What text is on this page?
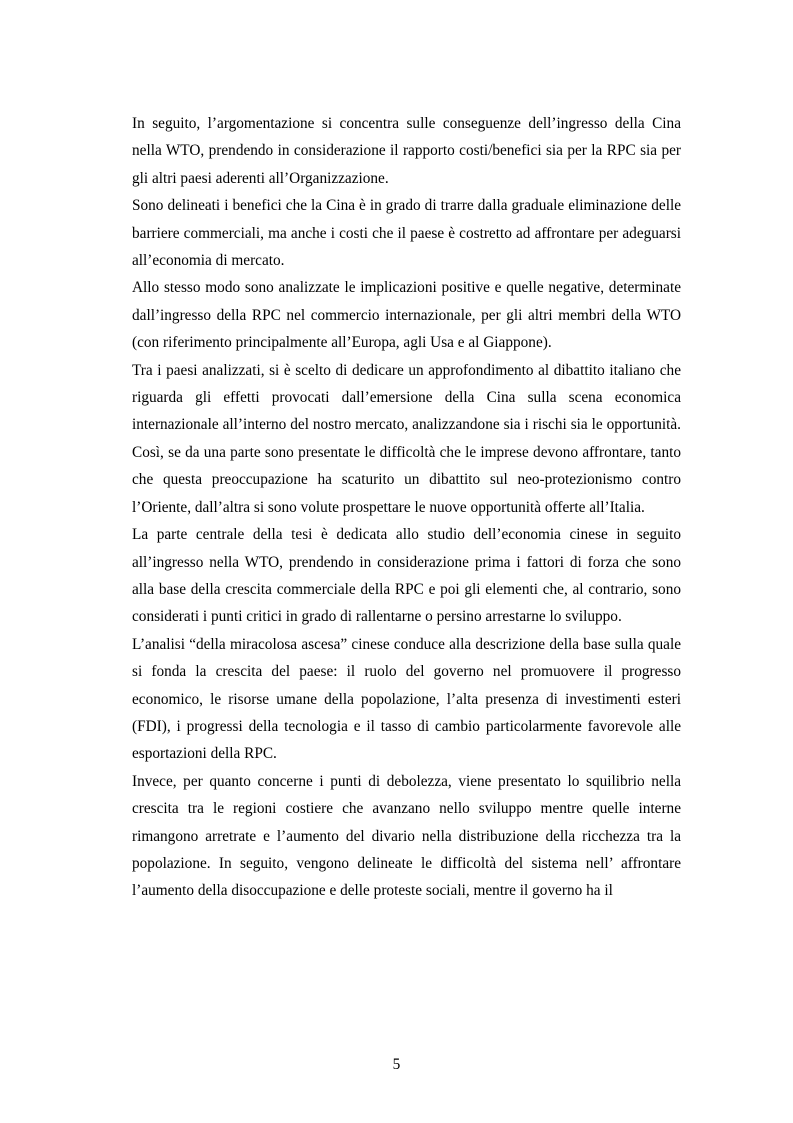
In seguito, l’argomentazione si concentra sulle conseguenze dell’ingresso della Cina nella WTO, prendendo in considerazione il rapporto costi/benefici sia per la RPC sia per gli altri paesi aderenti all’Organizzazione.

Sono delineati i benefici che la Cina è in grado di trarre dalla graduale eliminazione delle barriere commerciali, ma anche i costi che il paese è costretto ad affrontare per adeguarsi all’economia di mercato.

Allo stesso modo sono analizzate le implicazioni positive e quelle negative, determinate dall’ingresso della RPC nel commercio internazionale, per gli altri membri della WTO (con riferimento principalmente all’Europa, agli Usa e al Giappone).

Tra i paesi analizzati, si è scelto di dedicare un approfondimento al dibattito italiano che riguarda gli effetti provocati dall’emersione della Cina sulla scena economica internazionale all’interno del nostro mercato, analizzandone sia i rischi sia le opportunità. Così, se da una parte sono presentate le difficoltà che le imprese devono affrontare, tanto che questa preoccupazione ha scaturito un dibattito sul neo-protezionismo contro l’Oriente, dall’altra si sono volute prospettare le nuove opportunità offerte all’Italia.

La parte centrale della tesi è dedicata allo studio dell’economia cinese in seguito all’ingresso nella WTO, prendendo in considerazione prima i fattori di forza che sono alla base della crescita commerciale della RPC e poi gli elementi che, al contrario, sono considerati i punti critici in grado di rallentarne o persino arrestarne lo sviluppo.

L’analisi “della miracolosa ascesa” cinese conduce alla descrizione della base sulla quale si fonda la crescita del paese: il ruolo del governo nel promuovere il progresso economico, le risorse umane della popolazione, l’alta presenza di investimenti esteri (FDI), i progressi della tecnologia e il tasso di cambio particolarmente favorevole alle esportazioni della RPC.

Invece, per quanto concerne i punti di debolezza, viene presentato lo squilibrio nella crescita tra le regioni costiere che avanzano nello sviluppo mentre quelle interne rimangono arretrate e l’aumento del divario nella distribuzione della ricchezza tra la popolazione. In seguito, vengono delineate le difficoltà del sistema nell’ affrontare l’aumento della disoccupazione e delle proteste sociali, mentre il governo ha il

5
